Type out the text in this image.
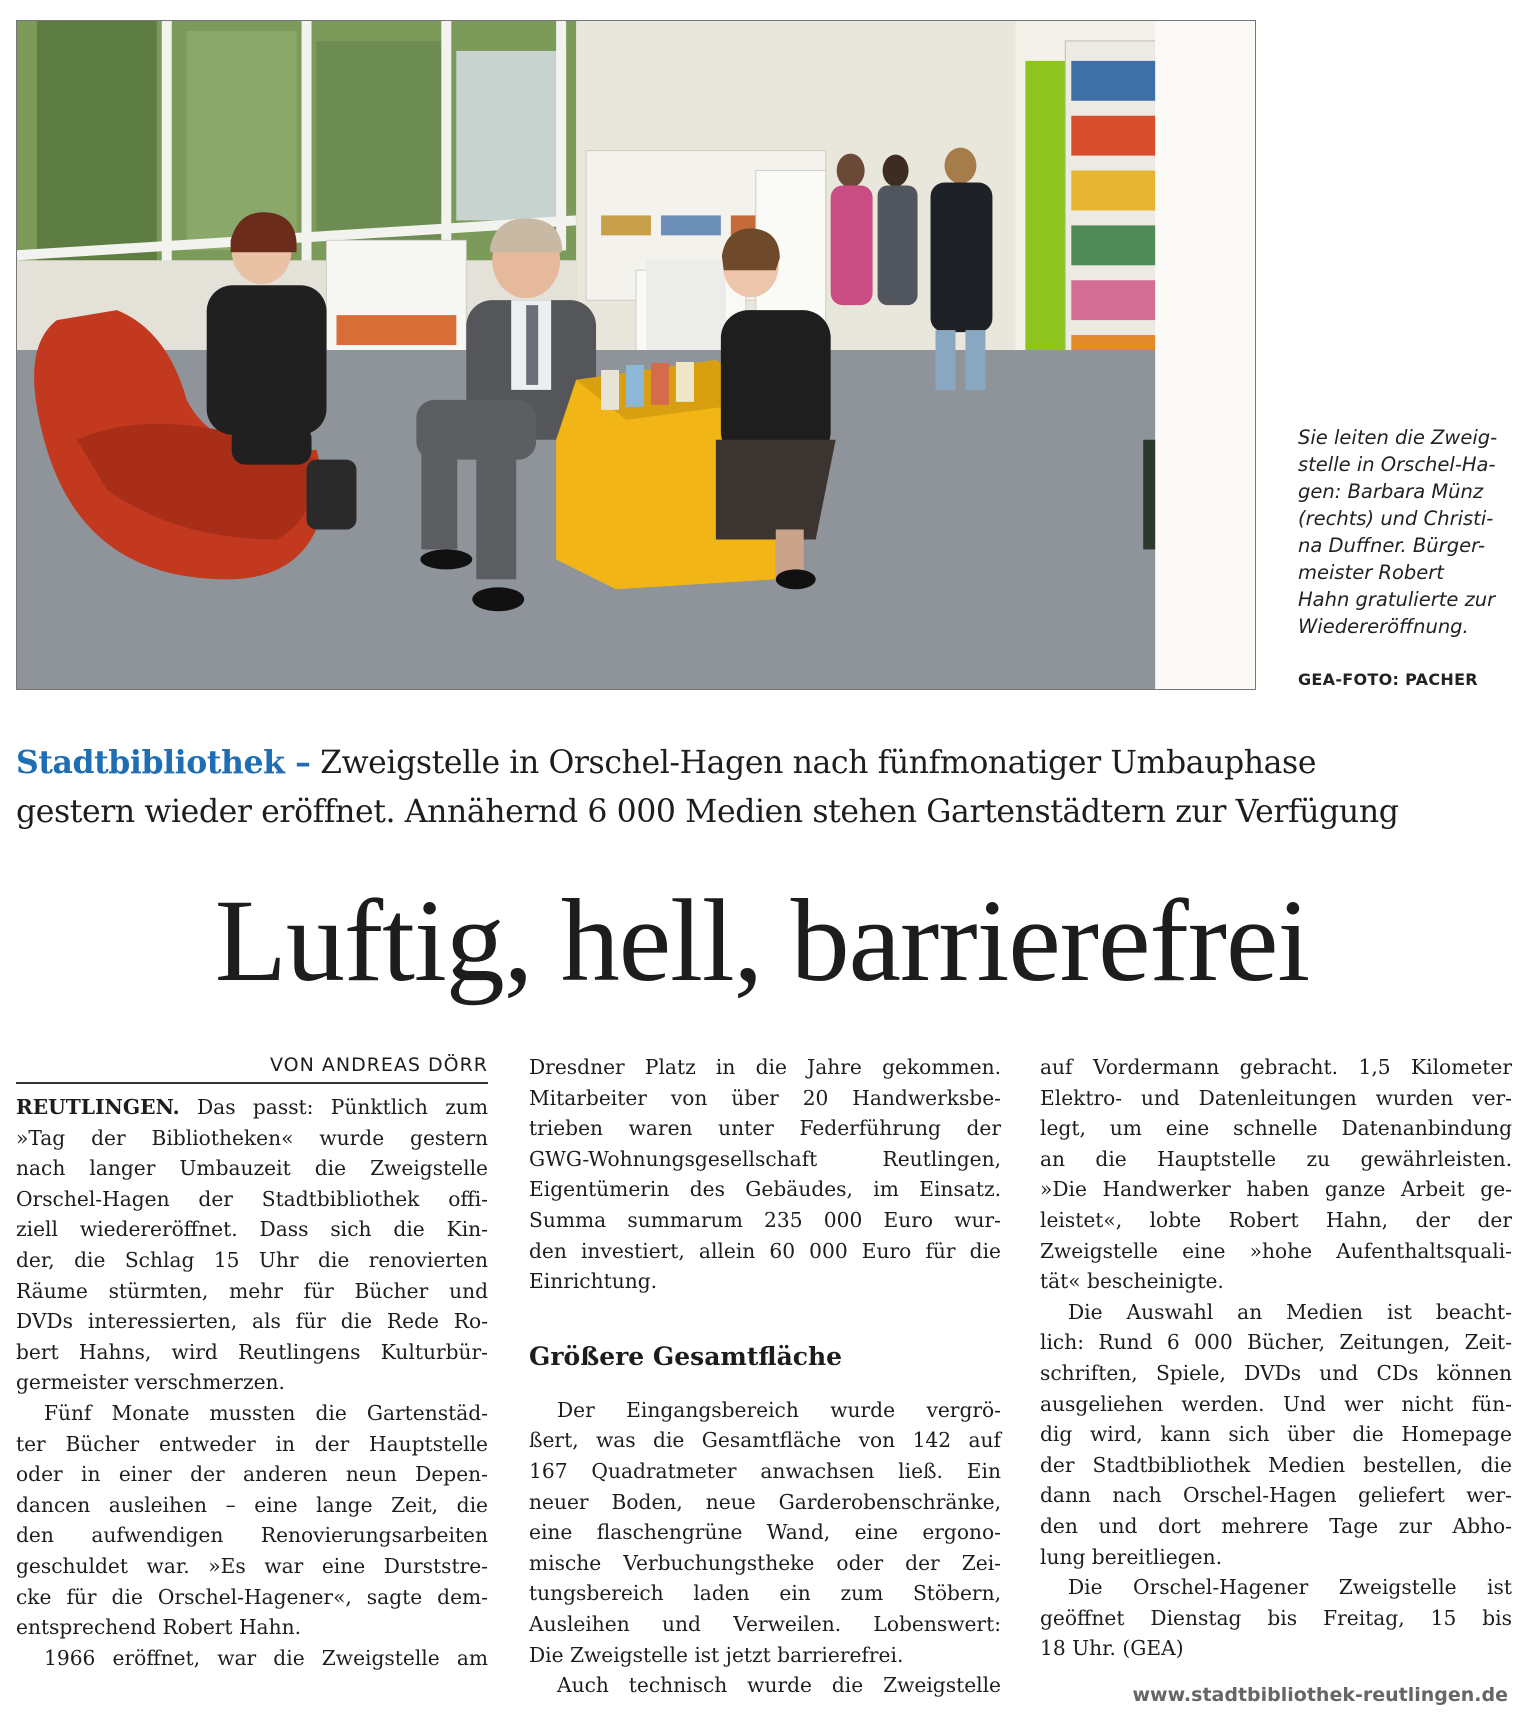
Sie leiten die Zweig-
stelle in Orschel-Ha-
gen: Barbara Münz
(rechts) und Christi-
na Duffner. Bürger-
meister Robert
Hahn gratulierte zur
Wiedereröffnung.
GEA-FOTO: PACHER
Stadtbibliothek – Zweigstelle in Orschel-Hagen nach fünfmonatiger Umbauphase
gestern wieder eröffnet. Annähernd 6 000 Medien stehen Gartenstädtern zur Verfügung
Luftig, hell, barrierefrei
VON ANDREAS DÖRR
REUTLINGEN. Das passt: Pünktlich zum
»Tag der Bibliotheken« wurde gestern
nach langer Umbauzeit die Zweigstelle
Orschel-Hagen der Stadtbibliothek offi-
ziell wiedereröffnet. Dass sich die Kin-
der, die Schlag 15 Uhr die renovierten
Räume stürmten, mehr für Bücher und
DVDs interessierten, als für die Rede Ro-
bert Hahns, wird Reutlingens Kulturbür-
germeister verschmerzen.
Fünf Monate mussten die Gartenstäd-
ter Bücher entweder in der Hauptstelle
oder in einer der anderen neun Depen-
dancen ausleihen – eine lange Zeit, die
den aufwendigen Renovierungsarbeiten
geschuldet war. »Es war eine Durststre-
cke für die Orschel-Hagener«, sagte dem-
entsprechend Robert Hahn.
1966 eröffnet, war die Zweigstelle am
Dresdner Platz in die Jahre gekommen.
Mitarbeiter von über 20 Handwerksbe-
trieben waren unter Federführung der
GWG-Wohnungsgesellschaft Reutlingen,
Eigentümerin des Gebäudes, im Einsatz.
Summa summarum 235 000 Euro wur-
den investiert, allein 60 000 Euro für die
Einrichtung.
Größere Gesamtfläche
Der Eingangsbereich wurde vergrö-
ßert, was die Gesamtfläche von 142 auf
167 Quadratmeter anwachsen ließ. Ein
neuer Boden, neue Garderobenschränke,
eine flaschengrüne Wand, eine ergono-
mische Verbuchungstheke oder der Zei-
tungsbereich laden ein zum Stöbern,
Ausleihen und Verweilen. Lobenswert:
Die Zweigstelle ist jetzt barrierefrei.
Auch technisch wurde die Zweigstelle
auf Vordermann gebracht. 1,5 Kilometer
Elektro- und Datenleitungen wurden ver-
legt, um eine schnelle Datenanbindung
an die Hauptstelle zu gewährleisten.
»Die Handwerker haben ganze Arbeit ge-
leistet«, lobte Robert Hahn, der der
Zweigstelle eine »hohe Aufenthaltsquali-
tät« bescheinigte.
Die Auswahl an Medien ist beacht-
lich: Rund 6 000 Bücher, Zeitungen, Zeit-
schriften, Spiele, DVDs und CDs können
ausgeliehen werden. Und wer nicht fün-
dig wird, kann sich über die Homepage
der Stadtbibliothek Medien bestellen, die
dann nach Orschel-Hagen geliefert wer-
den und dort mehrere Tage zur Abho-
lung bereitliegen.
Die Orschel-Hagener Zweigstelle ist
geöffnet Dienstag bis Freitag, 15 bis
18 Uhr. (GEA)
www.stadtbibliothek-reutlingen.de
